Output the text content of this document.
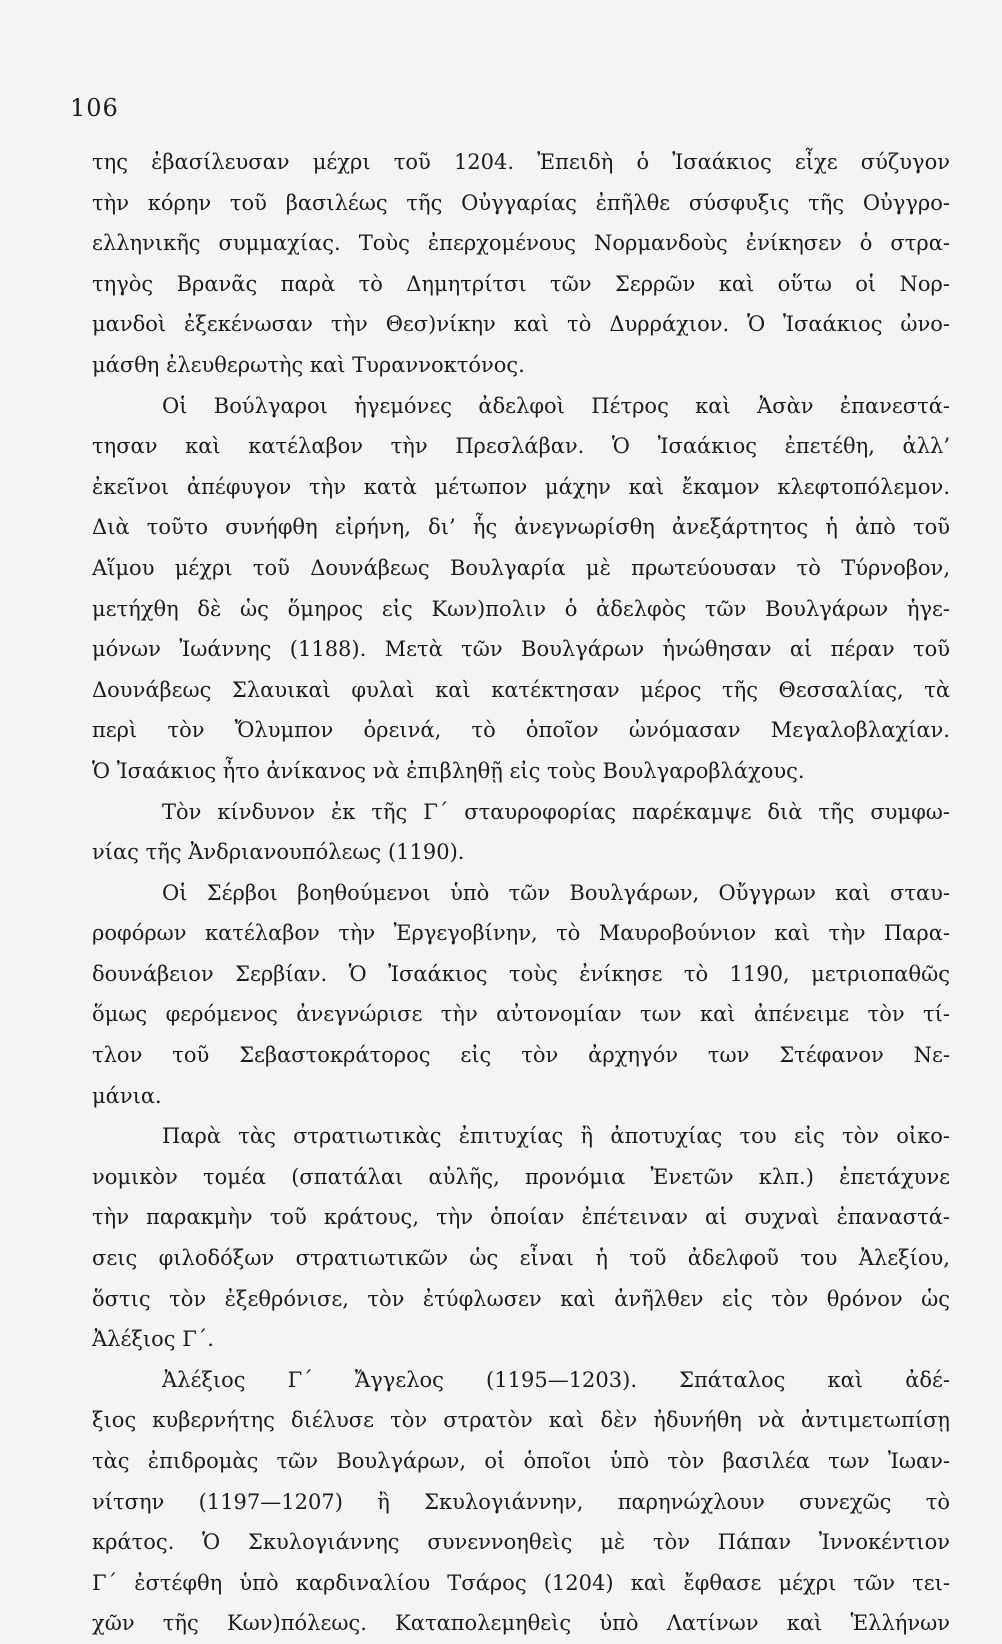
106
της ἐβασίλευσαν μέχρι τοῦ 1204. Ἐπειδὴ ὁ Ἰσαάκιος εἶχε σύζυγον
τὴν κόρην τοῦ βασιλέως τῆς Οὐγγαρίας ἐπῆλθε σύσφυξις τῆς Οὐγγρο-
ελληνικῆς συμμαχίας. Τοὺς ἐπερχομένους Νορμανδοὺς ἐνίκησεν ὁ στρα-
τηγὸς Βρανᾶς παρὰ τὸ Δημητρίτσι τῶν Σερρῶν καὶ οὕτω οἱ Νορ-
μανδοὶ ἐξεκένωσαν τὴν Θεσ)νίκην καὶ τὸ Δυρράχιον. Ὁ Ἰσαάκιος ὠνο-
μάσθη ἐλευθερωτὴς καὶ Τυραννοκτόνος.
Οἱ Βούλγαροι ἡγεμόνες ἀδελφοὶ Πέτρος καὶ Ἀσὰν ἐπανεστά-
τησαν καὶ κατέλαβον τὴν Πρεσλάβαν. Ὁ Ἰσαάκιος ἐπετέθη, ἀλλ’
ἐκεῖνοι ἀπέφυγον τὴν κατὰ μέτωπον μάχην καὶ ἔκαμον κλεφτοπόλεμον.
Διὰ τοῦτο συνήφθη εἰρήνη, δι’ ἧς ἀνεγνωρίσθη ἀνεξάρτητος ἡ ἀπὸ τοῦ
Αἵμου μέχρι τοῦ Δουνάβεως Βουλγαρία μὲ πρωτεύουσαν τὸ Τύρνοβον,
μετήχθη δὲ ὡς ὅμηρος εἰς Κων)πολιν ὁ ἀδελφὸς τῶν Βουλγάρων ἡγε-
μόνων Ἰωάννης (1188). Μετὰ τῶν Βουλγάρων ἡνώθησαν αἱ πέραν τοῦ
Δουνάβεως Σλαυικαὶ φυλαὶ καὶ κατέκτησαν μέρος τῆς Θεσσαλίας, τὰ
περὶ τὸν Ὄλυμπον ὀρεινά, τὸ ὁποῖον ὠνόμασαν Μεγαλοβλαχίαν.
Ὁ Ἰσαάκιος ἦτο ἀνίκανος νὰ ἐπιβληθῇ εἰς τοὺς Βουλγαροβλάχους.
Τὸν κίνδυνον ἐκ τῆς Γ΄ σταυροφορίας παρέκαμψε διὰ τῆς συμφω-
νίας τῆς Ἀνδριανουπόλεως (1190).
Οἱ Σέρβοι βοηθούμενοι ὑπὸ τῶν Βουλγάρων, Οὔγγρων καὶ σταυ-
ροφόρων κατέλαβον τὴν Ἐργεγοβίνην, τὸ Μαυροβούνιον καὶ τὴν Παρα-
δουνάβειον Σερβίαν. Ὁ Ἰσαάκιος τοὺς ἐνίκησε τὸ 1190, μετριοπαθῶς
ὅμως φερόμενος ἀνεγνώρισε τὴν αὐτονομίαν των καὶ ἀπένειμε τὸν τί-
τλον τοῦ Σεβαστοκράτορος εἰς τὸν ἀρχηγόν των Στέφανον Νε-
μάνια.
Παρὰ τὰς στρατιωτικὰς ἐπιτυχίας ἢ ἀποτυχίας του εἰς τὸν οἰκο-
νομικὸν τομέα (σπατάλαι αὐλῆς, προνόμια Ἐνετῶν κλπ.) ἐπετάχυνε
τὴν παρακμὴν τοῦ κράτους, τὴν ὁποίαν ἐπέτειναν αἱ συχναὶ ἐπαναστά-
σεις φιλοδόξων στρατιωτικῶν ὡς εἶναι ἡ τοῦ ἀδελφοῦ του Ἀλεξίου,
ὅστις τὸν ἐξεθρόνισε, τὸν ἐτύφλωσεν καὶ ἀνῆλθεν εἰς τὸν θρόνον ὡς
Ἀλέξιος Γ΄.
Ἀλέξιος Γ΄ Ἄγγελος (1195—1203). Σπάταλος καὶ ἀδέ-
ξιος κυβερνήτης διέλυσε τὸν στρατὸν καὶ δὲν ἠδυνήθη νὰ ἀντιμετωπίσῃ
τὰς ἐπιδρομὰς τῶν Βουλγάρων, οἱ ὁποῖοι ὑπὸ τὸν βασιλέα των Ἰωαν-
νίτσην (1197—1207) ἢ Σκυλογιάννην, παρηνώχλουν συνεχῶς τὸ
κράτος. Ὁ Σκυλογιάννης συνεννοηθεὶς μὲ τὸν Πάπαν Ἰννοκέντιον
Γ΄ ἐστέφθη ὑπὸ καρδιναλίου Τσάρος (1204) καὶ ἔφθασε μέχρι τῶν τει-
χῶν τῆς Κων)πόλεως. Καταπολεμηθεὶς ὑπὸ Λατίνων καὶ Ἑλλήνων
